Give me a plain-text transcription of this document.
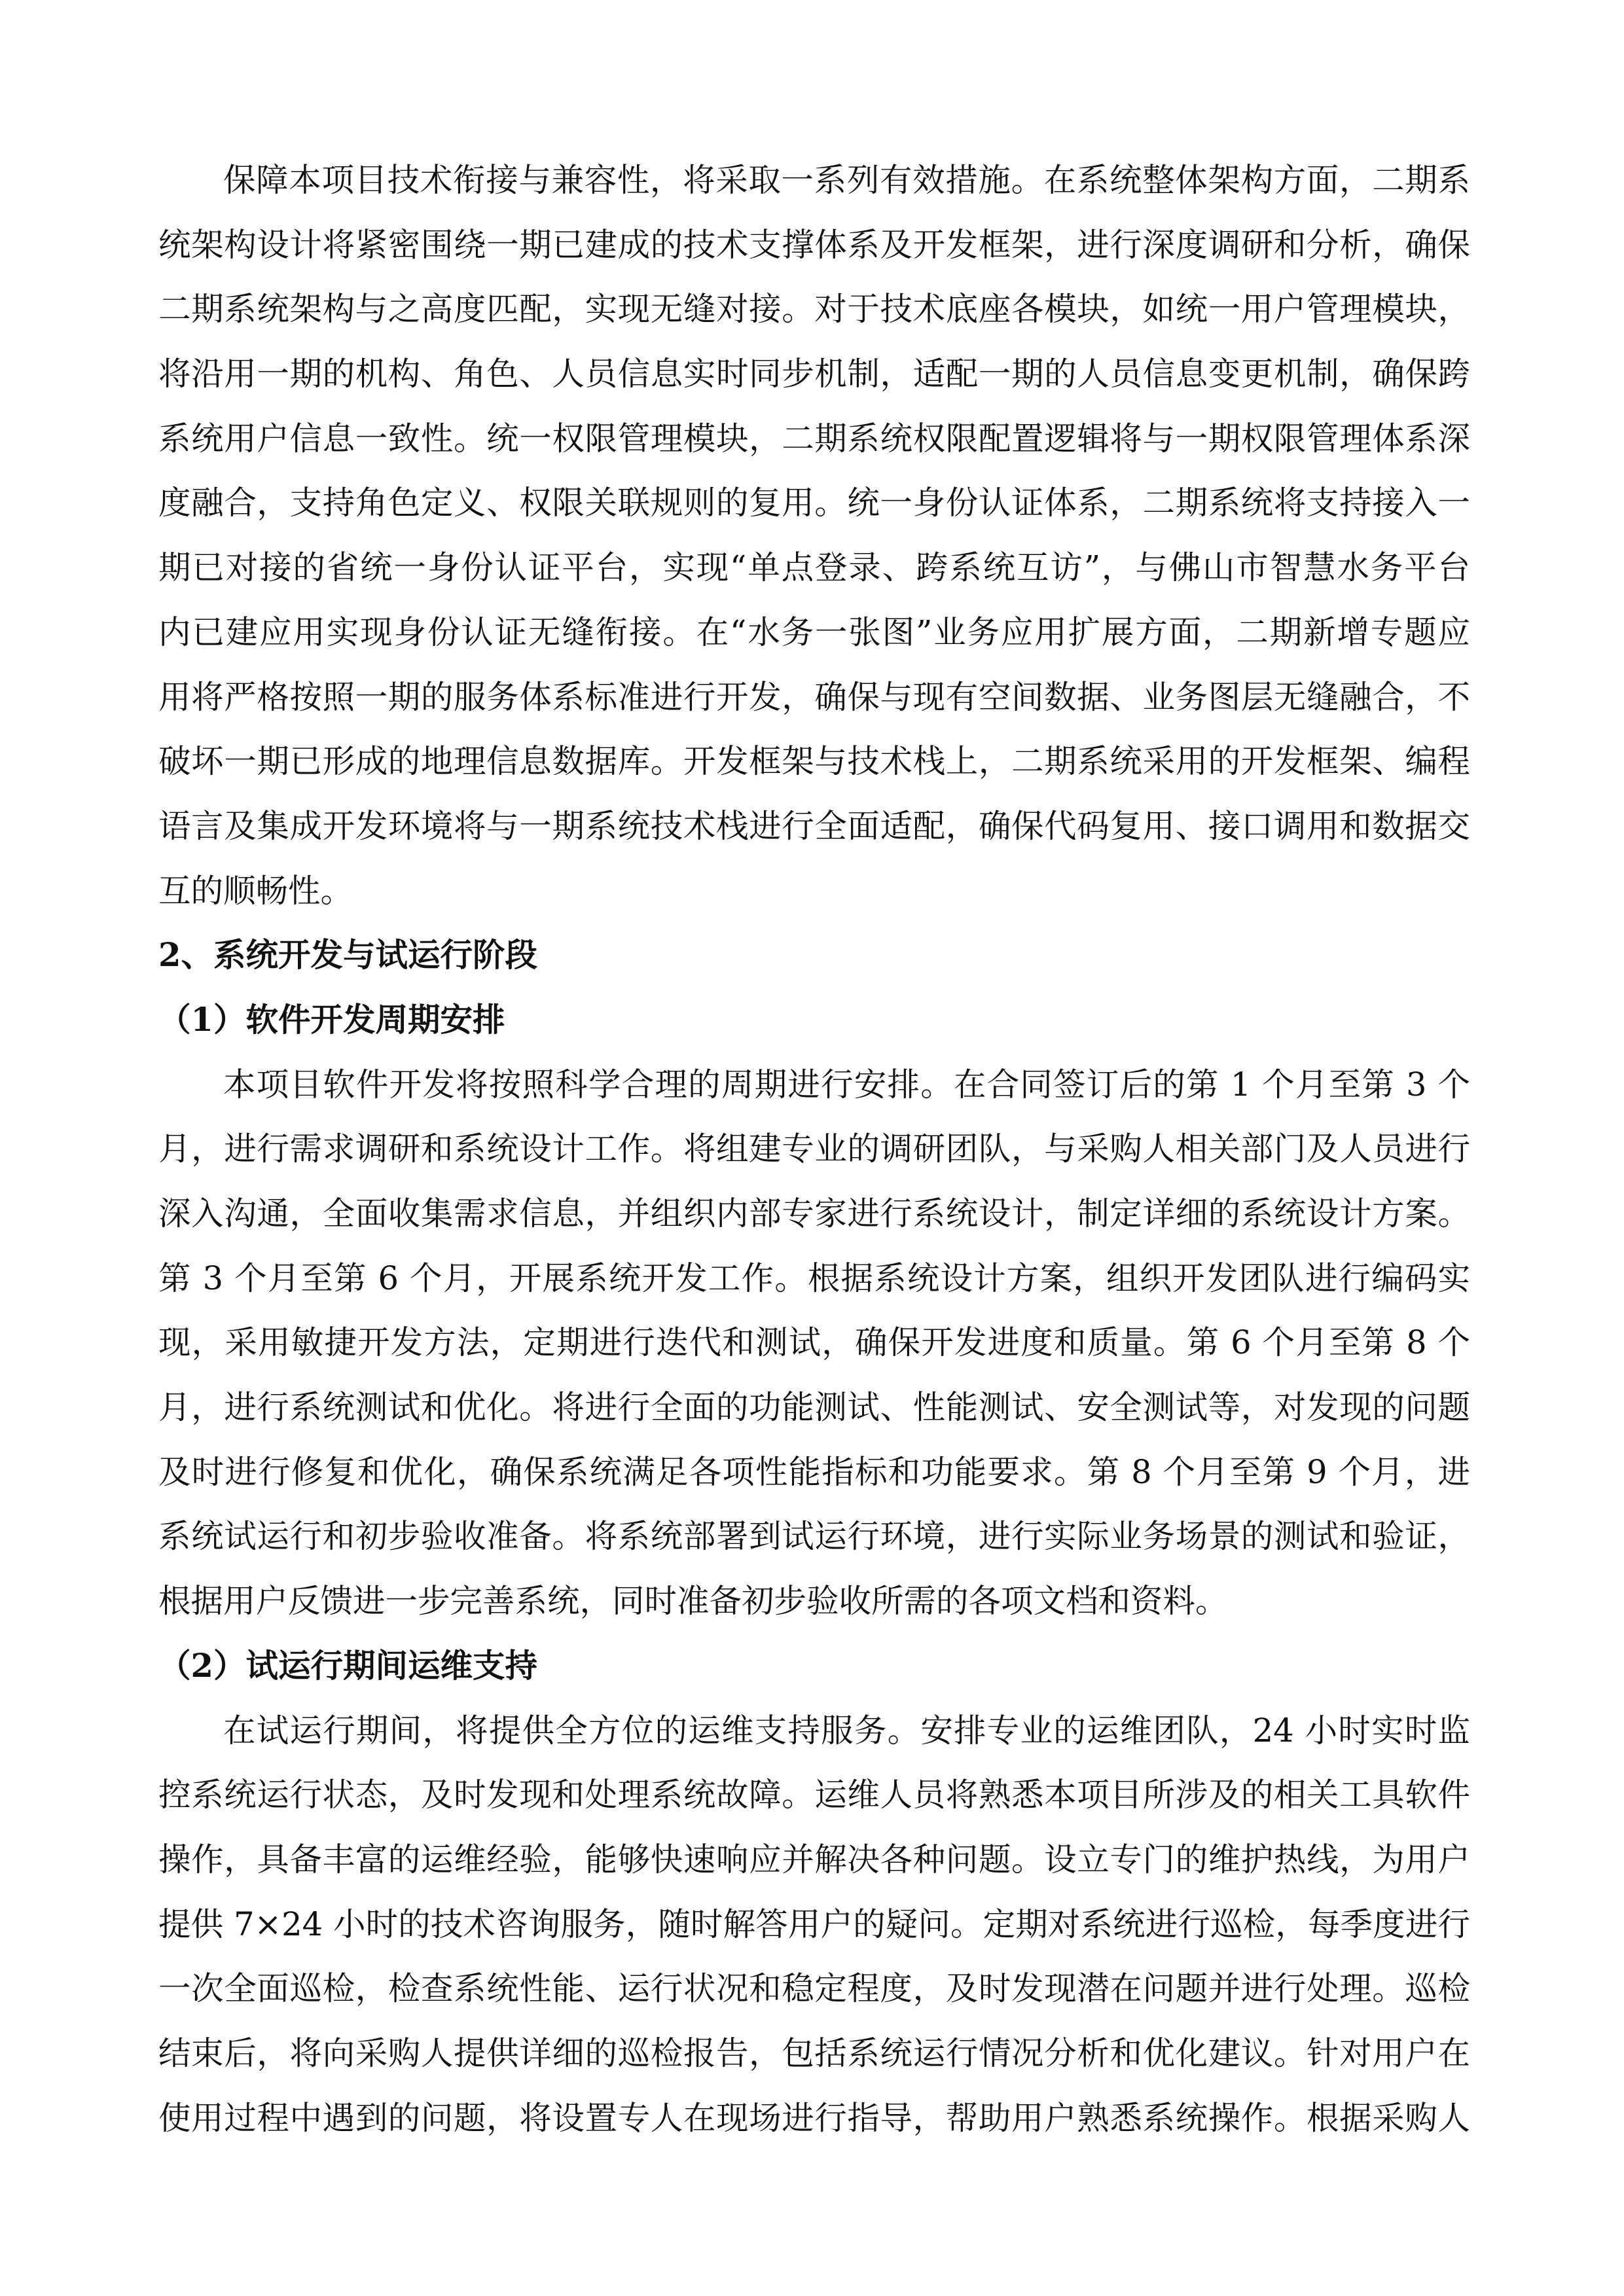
保障本项目技术衔接与兼容性，将采取一系列有效措施。在系统整体架构方面，二期系
统架构设计将紧密围绕一期已建成的技术支撑体系及开发框架，进行深度调研和分析，确保
二期系统架构与之高度匹配，实现无缝对接。对于技术底座各模块，如统一用户管理模块，
将沿用一期的机构、角色、人员信息实时同步机制，适配一期的人员信息变更机制，确保跨
系统用户信息一致性。统一权限管理模块，二期系统权限配置逻辑将与一期权限管理体系深
度融合，支持角色定义、权限关联规则的复用。统一身份认证体系，二期系统将支持接入一
期已对接的省统一身份认证平台，实现“单点登录、跨系统互访”，与佛山市智慧水务平台
内已建应用实现身份认证无缝衔接。在“水务一张图”业务应用扩展方面，二期新增专题应
用将严格按照一期的服务体系标准进行开发，确保与现有空间数据、业务图层无缝融合，不
破坏一期已形成的地理信息数据库。开发框架与技术栈上，二期系统采用的开发框架、编程
语言及集成开发环境将与一期系统技术栈进行全面适配，确保代码复用、接口调用和数据交
互的顺畅性。
2、系统开发与试运行阶段
（1）软件开发周期安排
本项目软件开发将按照科学合理的周期进行安排。在合同签订后的第 1 个月至第 3 个
月，进行需求调研和系统设计工作。将组建专业的调研团队，与采购人相关部门及人员进行
深入沟通，全面收集需求信息，并组织内部专家进行系统设计，制定详细的系统设计方案。
第 3 个月至第 6 个月，开展系统开发工作。根据系统设计方案，组织开发团队进行编码实
现，采用敏捷开发方法，定期进行迭代和测试，确保开发进度和质量。第 6 个月至第 8 个
月，进行系统测试和优化。将进行全面的功能测试、性能测试、安全测试等，对发现的问题
及时进行修复和优化，确保系统满足各项性能指标和功能要求。第 8 个月至第 9 个月，进
系统试运行和初步验收准备。将系统部署到试运行环境，进行实际业务场景的测试和验证，
根据用户反馈进一步完善系统，同时准备初步验收所需的各项文档和资料。
（2）试运行期间运维支持
在试运行期间，将提供全方位的运维支持服务。安排专业的运维团队，24 小时实时监
控系统运行状态，及时发现和处理系统故障。运维人员将熟悉本项目所涉及的相关工具软件
操作，具备丰富的运维经验，能够快速响应并解决各种问题。设立专门的维护热线，为用户
提供 7×24 小时的技术咨询服务，随时解答用户的疑问。定期对系统进行巡检，每季度进行
一次全面巡检，检查系统性能、运行状况和稳定程度，及时发现潜在问题并进行处理。巡检
结束后，将向采购人提供详细的巡检报告，包括系统运行情况分析和优化建议。针对用户在
使用过程中遇到的问题，将设置专人在现场进行指导，帮助用户熟悉系统操作。根据采购人
